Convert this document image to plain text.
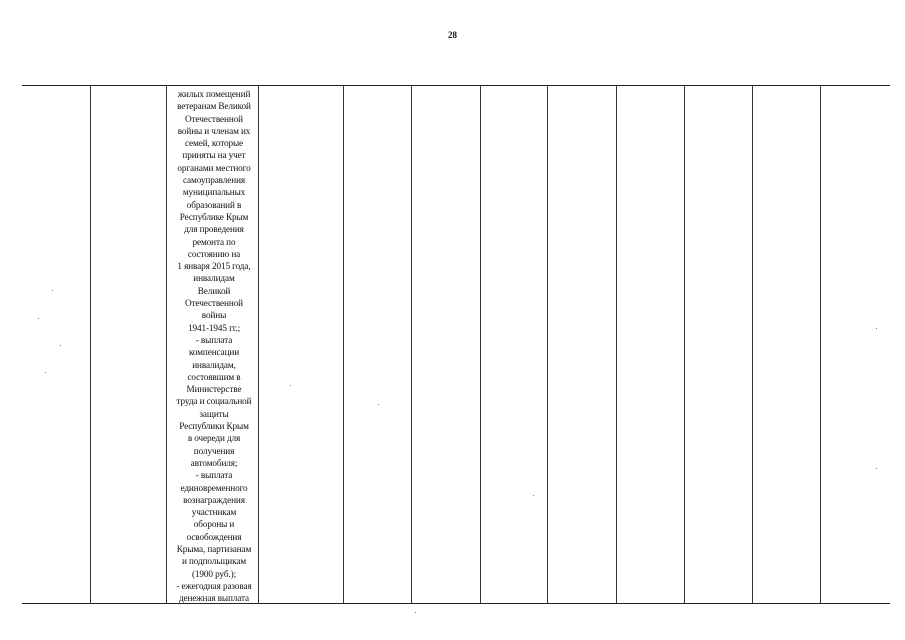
28
жилых помещений
ветеранам Великой
Отечественной
войны и членам их
семей, которые
приняты на учет
органами местного
самоуправления
муниципальных
образований в
Республике Крым
для проведения
ремонта по
состоянию на
1 января 2015 года,
инвалидам
Великой
Отечественной
войны
1941-1945 гг.;
- выплата
компенсации
инвалидам,
состоявшим в
Министерстве
труда и социальной
защиты
Республики Крым
в очереди для
получения
автомобиля;
- выплата
единовременного
вознаграждения
участникам
обороны и
освобождения
Крыма, партизанам
и подпольщикам
(1900 руб.);
- ежегодная разовая
денежная выплата
